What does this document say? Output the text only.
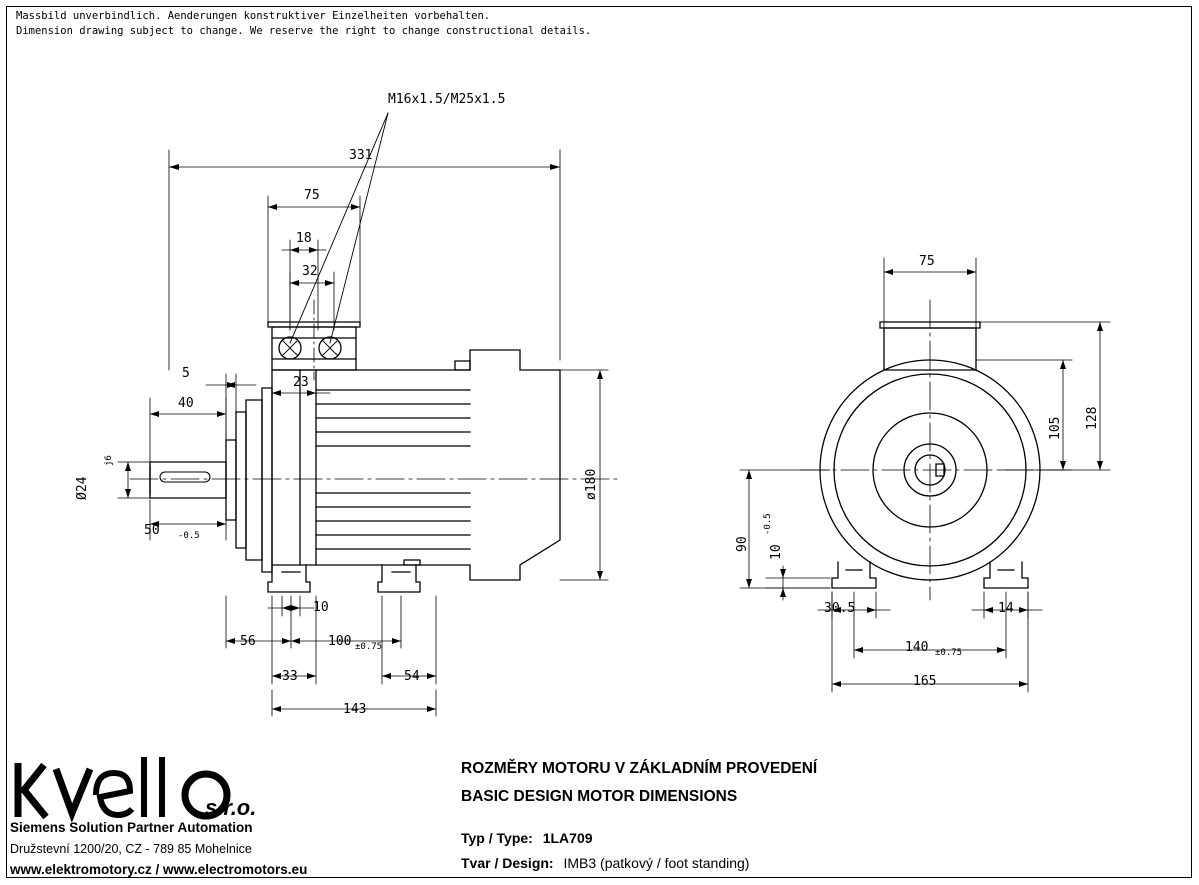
Massbild unverbindlich. Aenderungen konstruktiver Einzelheiten vorbehalten.
Dimension drawing subject to change. We reserve the right to change constructional details.
331
75
18
32
5
40
23
Ø24
j6
50 -0.5
ø180
10
56	100 ±0.75
33	54
143
M16x1.5/M25x1.5
75
105 128
90
-0.5
10
30.5	14
140 ±0.75
165
s.r.o.
Siemens Solution Partner Automation
Družstevní 1200/20, CZ - 789 85 Mohelnice
www.elektromotory.cz / www.electromotors.eu
ROZMĚRY MOTORU V ZÁKLADNÍM PROVEDENÍ
BASIC DESIGN MOTOR DIMENSIONS
Typ / Type: 1LA709
Tvar / Design: IMB3 (patkový / foot standing)
